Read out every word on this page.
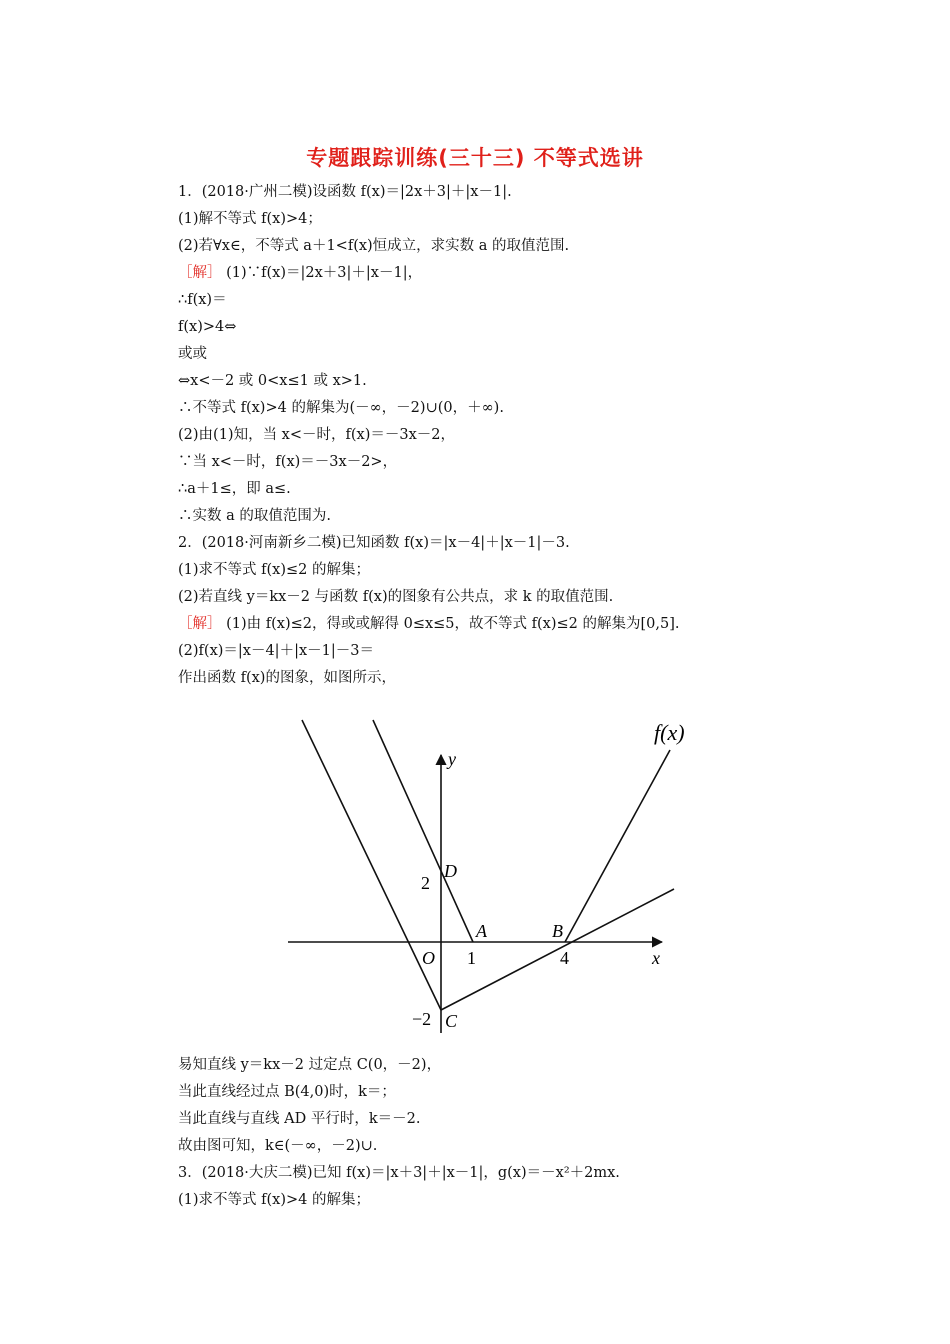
专题跟踪训练(三十三) 不等式选讲
1．(2018·广州二模)设函数 f(x)＝|2x＋3|＋|x－1|.
(1)解不等式 f(x)>4；
(2)若∀x∈，不等式 a＋1<f(x)恒成立，求实数 a 的取值范围.
［解］ (1)∵f(x)＝|2x＋3|＋|x－1|，
∴f(x)＝
f(x)>4⇔
或或
⇔x<－2 或 0<x≤1 或 x>1.
∴不等式 f(x)>4 的解集为(－∞，－2)∪(0，＋∞).
(2)由(1)知，当 x<－时，f(x)＝－3x－2，
∵当 x<－时，f(x)＝－3x－2>，
∴a＋1≤，即 a≤.
∴实数 a 的取值范围为.
2．(2018·河南新乡二模)已知函数 f(x)＝|x－4|＋|x－1|－3.
(1)求不等式 f(x)≤2 的解集；
(2)若直线 y＝kx－2 与函数 f(x)的图象有公共点，求 k 的取值范围.
［解］ (1)由 f(x)≤2，得或或解得 0≤x≤5，故不等式 f(x)≤2 的解集为[0,5].
(2)f(x)＝|x－4|＋|x－1|－3＝
作出函数 f(x)的图象，如图所示，
f(x)
y
x
O
D
A	B
C
2
1	4
−2
易知直线 y＝kx－2 过定点 C(0，－2)，
当此直线经过点 B(4,0)时，k＝；
当此直线与直线 AD 平行时，k＝－2.
故由图可知，k∈(－∞，－2)∪.
3．(2018·大庆二模)已知 f(x)＝|x＋3|＋|x－1|，g(x)＝－x²＋2mx.
(1)求不等式 f(x)>4 的解集；
